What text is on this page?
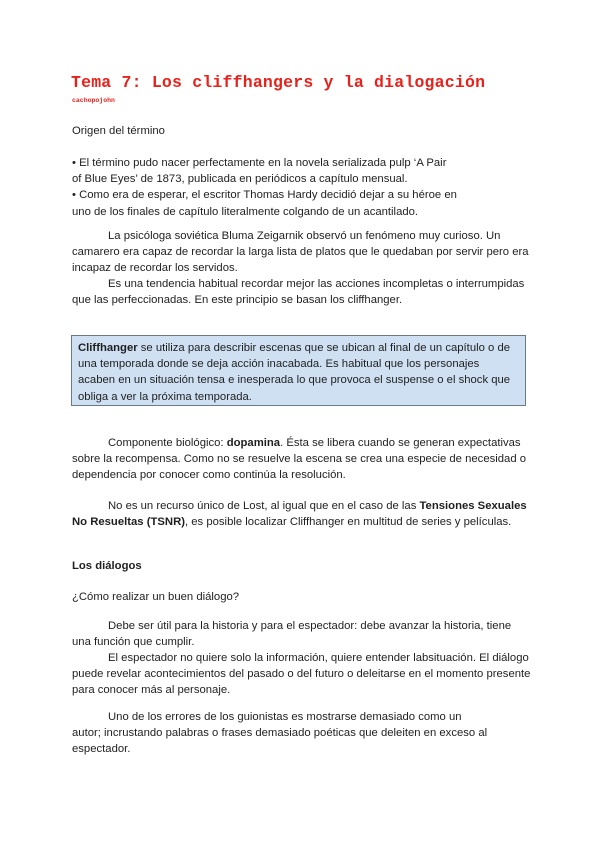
Tema 7: Los cliffhangers y la dialogación
cachopojohn
Origen del término
• El término pudo nacer perfectamente en la novela serializada pulp ‘A Pair
of Blue Eyes’ de 1873, publicada en periódicos a capítulo mensual.
• Como era de esperar, el escritor Thomas Hardy decidió dejar a su héroe en
uno de los finales de capítulo literalmente colgando de un acantilado.
La psicóloga soviética Bluma Zeigarnik observó un fenómeno muy curioso. Un camarero era capaz de recordar la larga lista de platos que le quedaban por servir pero era incapaz de recordar los servidos.
Es una tendencia habitual recordar mejor las acciones incompletas o interrumpidas que las perfeccionadas. En este principio se basan los cliffhanger.
Cliffhanger se utiliza para describir escenas que se ubican al final de un capítulo o de una temporada donde se deja acción inacabada. Es habitual que los personajes acaben en un situación tensa e inesperada lo que provoca el suspense o el shock que obliga a ver la próxima temporada.
Componente biológico: dopamina. Ésta se libera cuando se generan expectativas sobre la recompensa. Como no se resuelve la escena se crea una especie de necesidad o dependencia por conocer como continúa la resolución.
No es un recurso único de Lost, al igual que en el caso de las Tensiones Sexuales No Resueltas (TSNR), es posible localizar Cliffhanger en multitud de series y películas.
Los diálogos
¿Cómo realizar un buen diálogo?
Debe ser útil para la historia y para el espectador: debe avanzar la historia, tiene una función que cumplir.
El espectador no quiere solo la información, quiere entender labsituación. El diálogo puede revelar acontecimientos del pasado o del futuro o deleitarse en el momento presente para conocer más al personaje.
Uno de los errores de los guionistas es mostrarse demasiado como un
autor; incrustando palabras o frases demasiado poéticas que deleiten en exceso al espectador.
